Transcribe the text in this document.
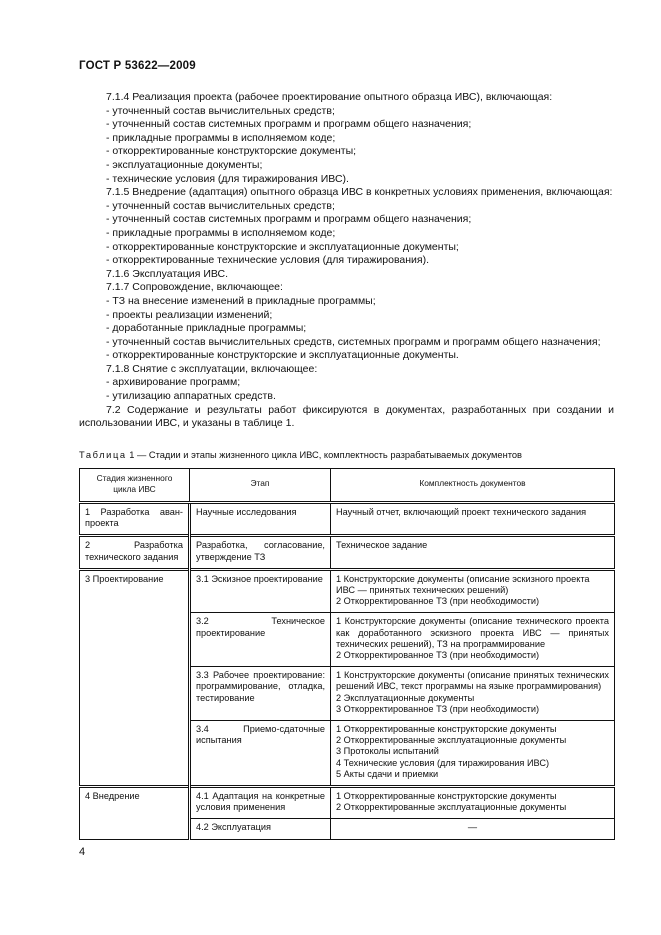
ГОСТ Р 53622—2009

7.1.4 Реализация проекта (рабочее проектирование опытного образца ИВС), включающая:

- уточненный состав вычислительных средств;

- уточненный состав системных программ и программ общего назначения;

- прикладные программы в исполняемом коде;

- откорректированные конструкторские документы;

- эксплуатационные документы;

- технические условия (для тиражирования ИВС).

7.1.5 Внедрение (адаптация) опытного образца ИВС в конкретных условиях применения, включающая:

- уточненный состав вычислительных средств;

- уточненный состав системных программ и программ общего назначения;

- прикладные программы в исполняемом коде;

- откорректированные конструкторские и эксплуатационные документы;

- откорректированные технические условия (для тиражирования).

7.1.6 Эксплуатация ИВС.

7.1.7 Сопровождение, включающее:

- ТЗ на внесение изменений в прикладные программы;

- проекты реализации изменений;

- доработанные прикладные программы;

- уточненный состав вычислительных средств, системных программ и программ общего назначения;

- откорректированные конструкторские и эксплуатационные документы.

7.1.8 Снятие с эксплуатации, включающее:

- архивирование программ;

- утилизацию аппаратных средств.

7.2 Содержание и результаты работ фиксируются в документах, разработанных при создании и использовании ИВС, и указаны в таблице 1.

Таблица 1 — Стадии и этапы жизненного цикла ИВС, комплектность разрабатываемых документов
Стадия жизненного
цикла ИВС	Этап	Комплектность документов
1 Разработка аван-проекта	Научные исследования	Научный отчет, включающий проект технического задания

2 Разработка технического задания	Разработка, согласование, утверждение ТЗ	Техническое задание

3 Проектирование	3.1 Эскизное проектирование	1 Конструкторские документы (описание эскизного проекта ИВС — принятых технических решений)
2 Откорректированное ТЗ (при необходимости)

	3.2 Техническое проектирование	1 Конструкторские документы (описание технического проекта как доработанного эскизного проекта ИВС — принятых технических решений), ТЗ на программирование
2 Откорректированное ТЗ (при необходимости)

	3.3 Рабочее проектирование: программирование, отладка, тестирование	1 Конструкторские документы (описание принятых технических решений ИВС, текст программы на языке программирования)
2 Эксплуатационные документы
3 Откорректированное ТЗ (при необходимости)

	3.4 Приемо-сдаточные испытания	1 Откорректированные конструкторские документы
2 Откорректированные эксплуатационные документы
3 Протоколы испытаний
4 Технические условия (для тиражирования ИВС)
5 Акты сдачи и приемки

4 Внедрение	4.1 Адаптация на конкретные условия применения	1 Откорректированные конструкторские документы
2 Откорректированные эксплуатационные документы

	4.2 Эксплуатация	—
4
